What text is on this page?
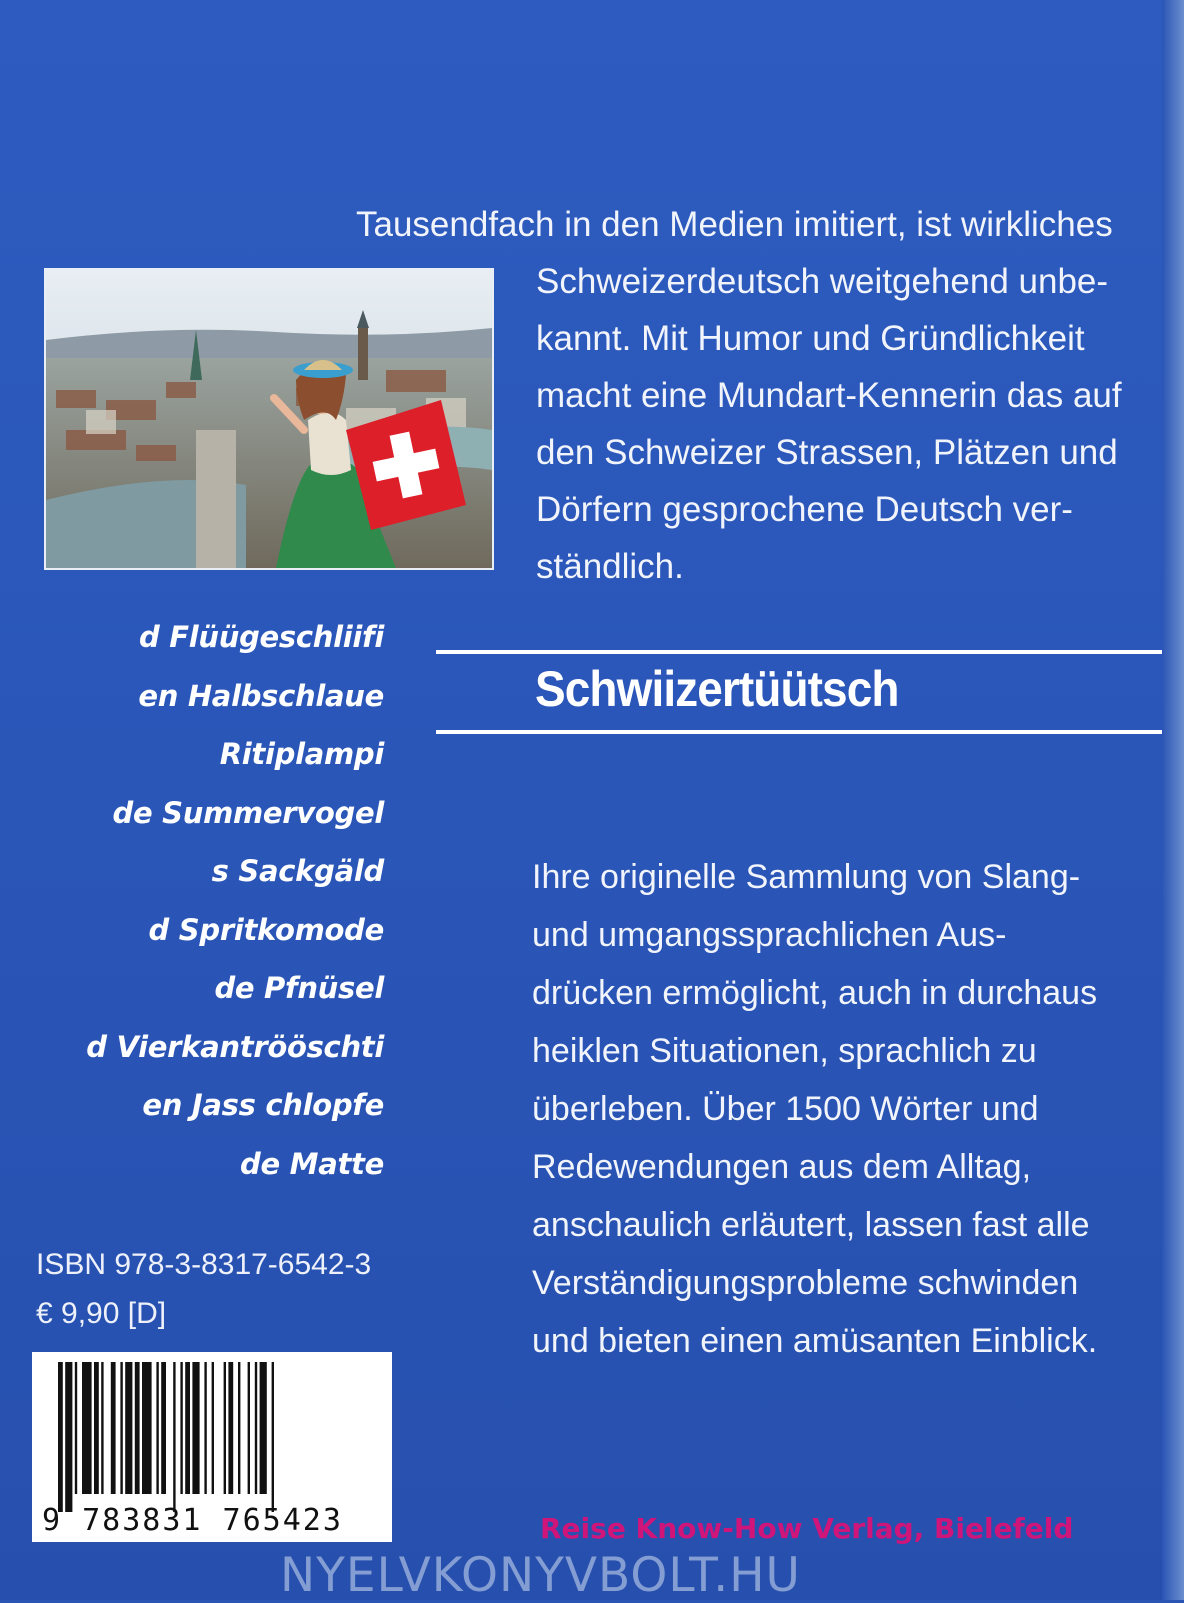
Tausendfach in den Medien imitiert, ist wirkliches
Schweizerdeutsch weitgehend unbe-
kannt. Mit Humor und Gründlichkeit
macht eine Mundart-Kennerin das auf
den Schweizer Strassen, Plätzen und
Dörfern gesprochene Deutsch ver-
ständlich.
d Flüügeschliifi
en Halbschlaue
Ritiplampi
de Summervogel
s Sackgäld
d Spritkomode
de Pfnüsel
d Vierkantrööschti
en Jass chlopfe
de Matte
Schwiizertüütsch
Ihre originelle Sammlung von Slang-
und umgangssprachlichen Aus-
drücken ermöglicht, auch in durchaus
heiklen Situationen, sprachlich zu
überleben. Über 1500 Wörter und
Redewendungen aus dem Alltag,
anschaulich erläutert, lassen fast alle
Verständigungsprobleme schwinden
und bieten einen amüsanten Einblick.
ISBN 978-3-8317-6542-3
€ 9,90 [D]
9 783831 765423	Reise Know-How Verlag, Bielefeld
NYELVKONYVBOLT.HU
